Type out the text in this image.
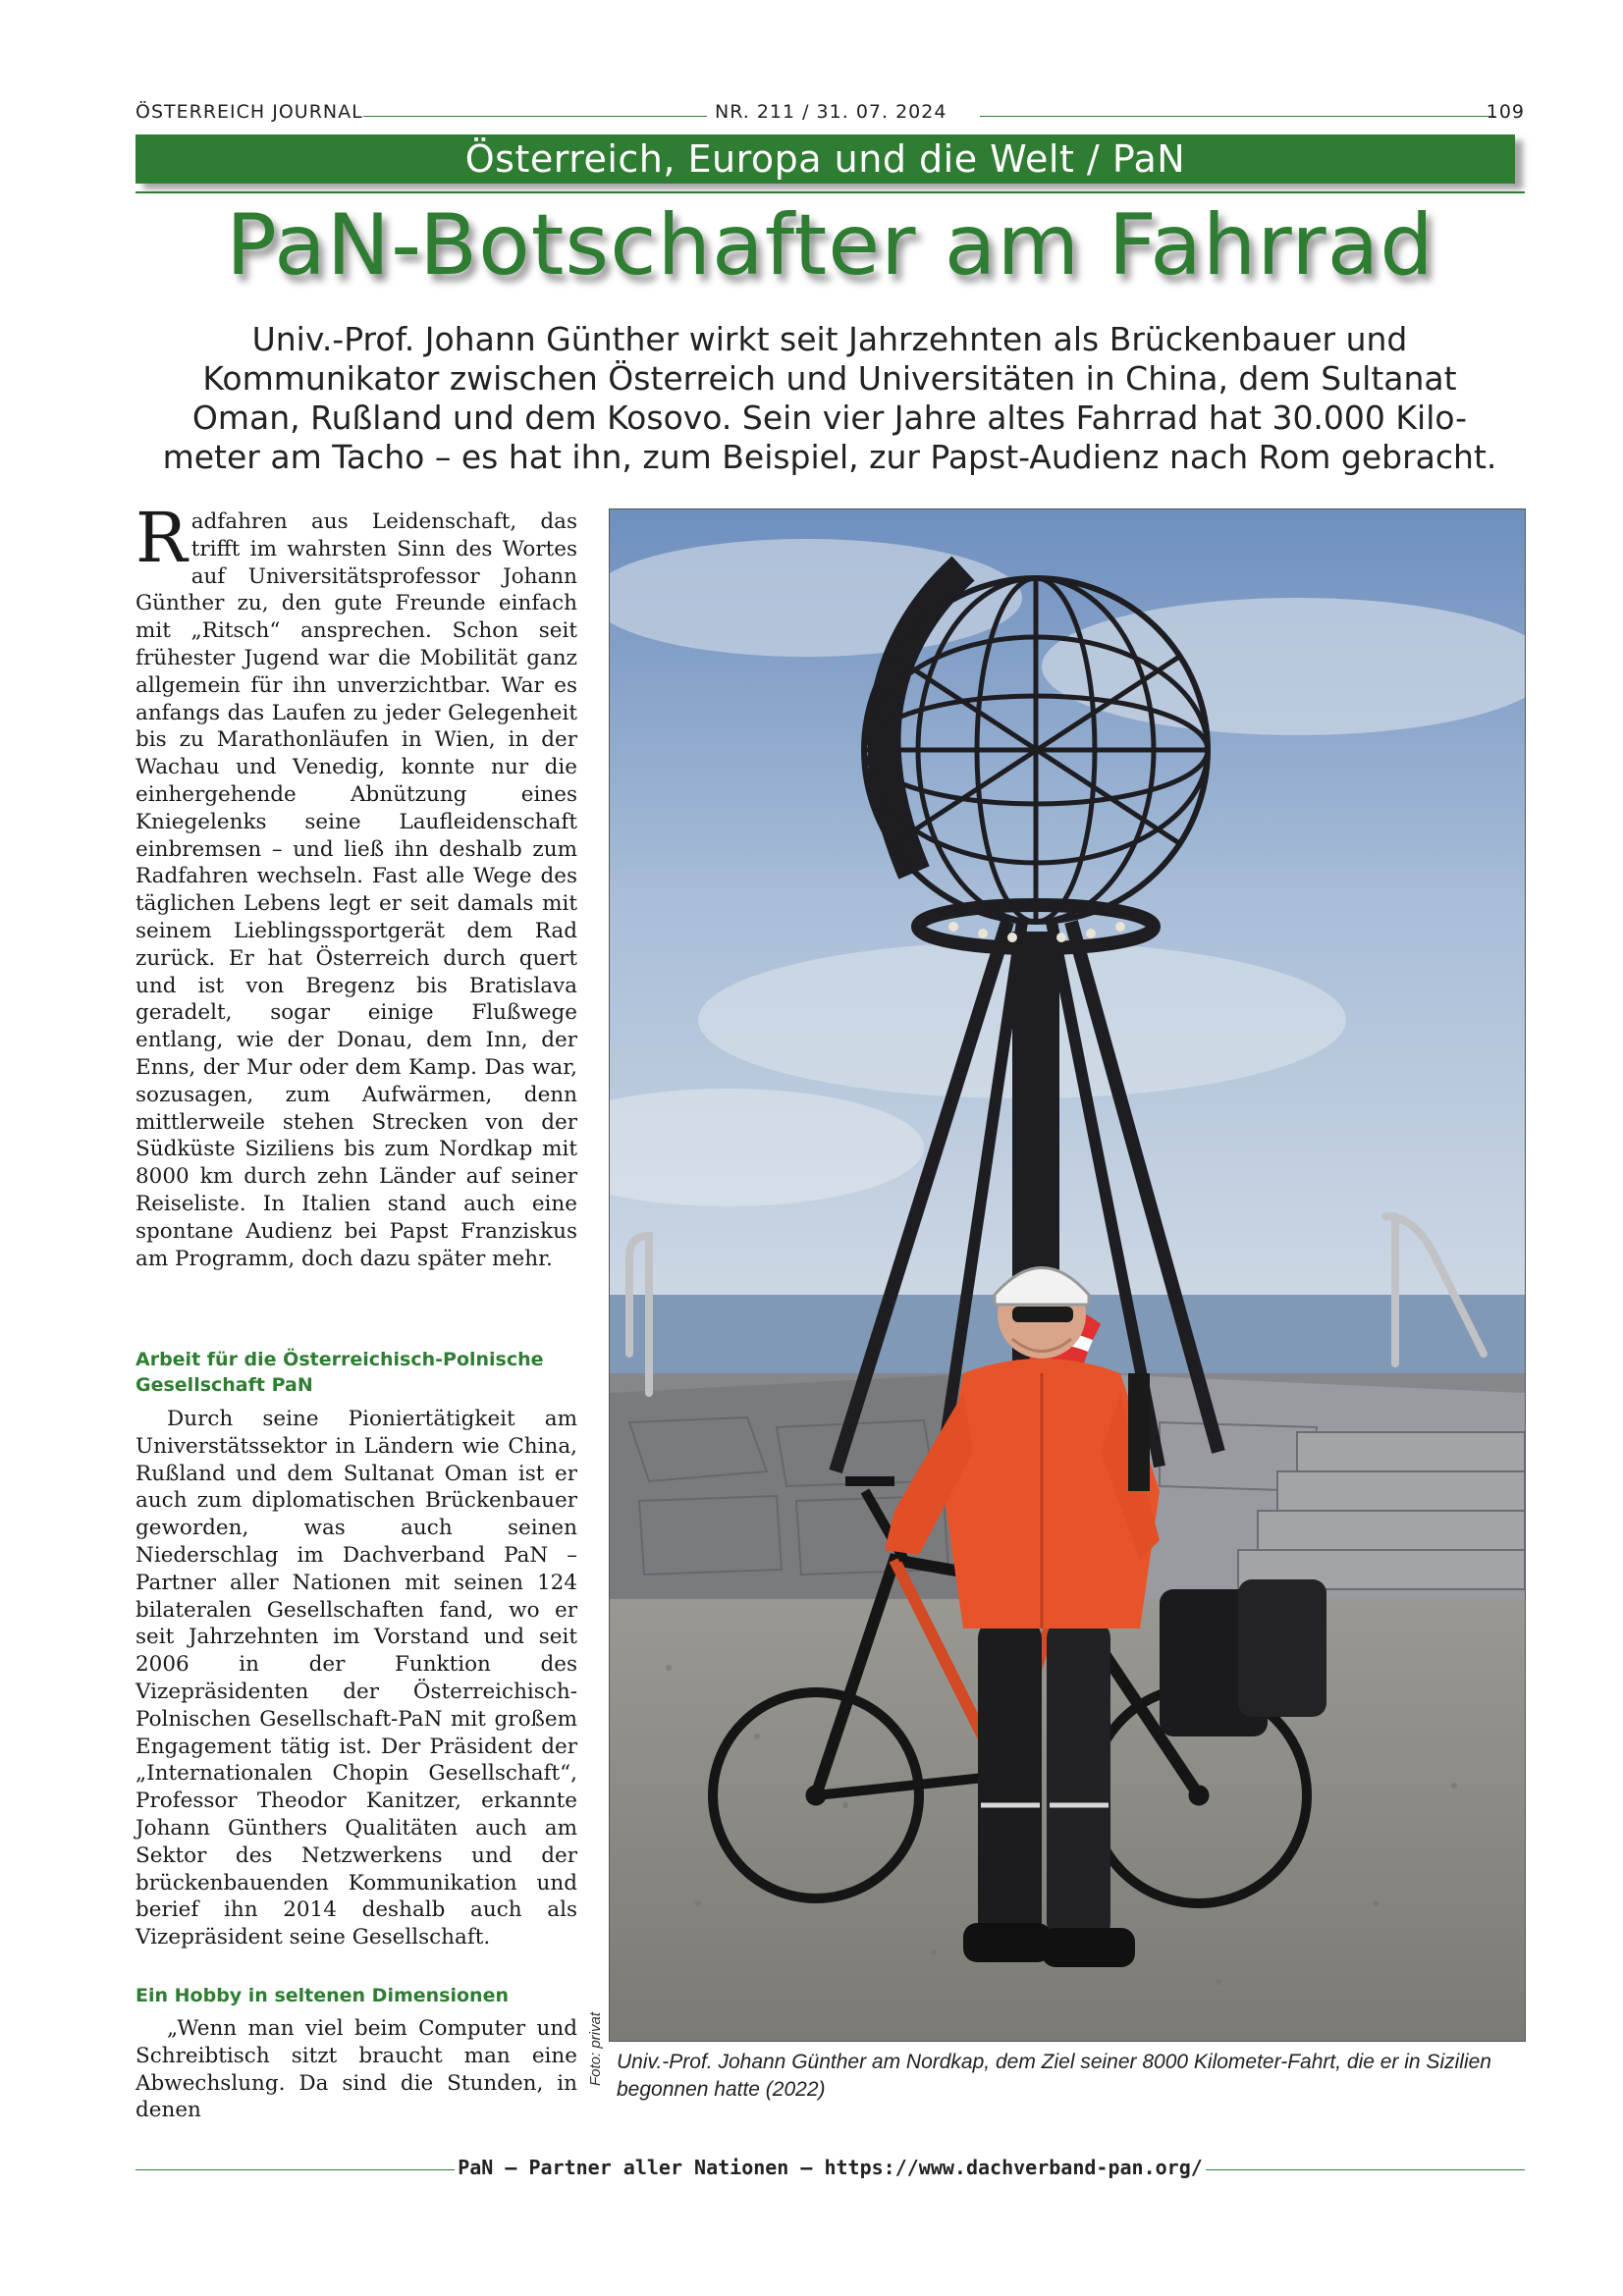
ÖSTERREICH JOURNAL	NR. 211 / 31. 07. 2024	109
Österreich, Europa und die Welt / PaN
PaN-Botschafter am Fahrrad
Univ.-Prof. Johann Günther wirkt seit Jahrzehnten als Brückenbauer und
Kommunikator zwischen Österreich und Universitäten in China, dem Sultanat
Oman, Rußland und dem Kosovo. Sein vier Jahre altes Fahrrad hat 30.000 Kilo-
meter am Tacho – es hat ihn, zum Beispiel, zur Papst-Audienz nach Rom gebracht.

Radfahren aus Leidenschaft, das trifft im wahrsten Sinn des Wortes auf Universitätsprofessor Johann Günther zu, den gute Freunde einfach mit „Ritsch“ ansprechen. Schon seit frühester Jugend war die Mobilität ganz allgemein für ihn unverzichtbar. War es anfangs das Laufen zu jeder Gelegenheit bis zu Marathonläufen in Wien, in der Wachau und Venedig, konnte nur die einhergehende Abnützung eines Kniegelenks seine Laufleidenschaft einbremsen – und ließ ihn deshalb zum Radfahren wechseln. Fast alle Wege des täglichen Lebens legt er seit damals mit seinem Lieblingssportgerät dem Rad zurück. Er hat Österreich durch quert und ist von Bregenz bis Bratislava geradelt, sogar einige Flußwege entlang, wie der Donau, dem Inn, der Enns, der Mur oder dem Kamp. Das war, sozusagen, zum Aufwärmen, denn mittlerweile stehen Strecken von der Südküste Siziliens bis zum Nordkap mit 8000 km durch zehn Länder auf seiner Reiseliste. In Italien stand auch eine spontane Audienz bei Papst Franziskus am Programm, doch dazu später mehr.

Arbeit für die Österreichisch-Polnische Gesellschaft PaN

Durch seine Pioniertätigkeit am Universtätssektor in Ländern wie China, Rußland und dem Sultanat Oman ist er auch zum diplomatischen Brückenbauer geworden, was auch seinen Niederschlag im Dachverband PaN – Partner aller Nationen mit seinen 124 bilateralen Gesellschaften fand, wo er seit Jahrzehnten im Vorstand und seit 2006 in der Funktion des Vizepräsidenten der Österreichisch-Polnischen Gesellschaft-PaN mit großem Engagement tätig ist. Der Präsident der „Internationalen Chopin Gesellschaft“, Professor Theodor Kanitzer, erkannte Johann Günthers Qualitäten auch am Sektor des Netzwerkens und der brückenbauenden Kommunikation und berief ihn 2014 deshalb auch als Vizepräsident seine Gesellschaft.

Ein Hobby in seltenen Dimensionen

„Wenn man viel beim Computer und Schreibtisch sitzt braucht man eine Abwechslung. Da sind die Stunden, in denen

Foto: privat Univ.-Prof. Johann Günther am Nordkap, dem Ziel seiner 8000 Kilometer-Fahrt, die er in Sizilien begonnen hatte (2022)
PaN – Partner aller Nationen – https://www.dachverband-pan.org/
